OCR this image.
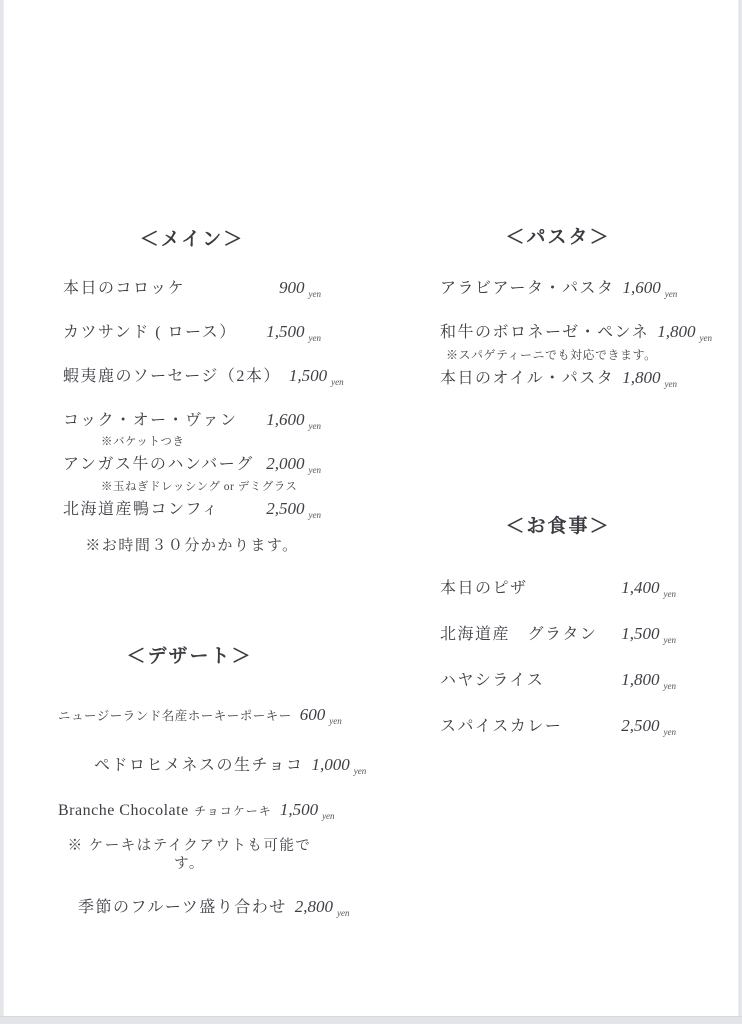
＜メイン＞
本日のコロッケ	900 yen
カツサンド ( ロース） 1,500 yen
蝦夷鹿のソーセージ（2本） 1,500 yen
コック・オー・ヴァン 1,600 yen
※バケットつき
アンガス牛のハンバーグ 2,000 yen
※玉ねぎドレッシング or デミグラス
北海道産鴨コンフィ	2,500 yen
※お時間３０分かかります。
＜パスタ＞
アラビアータ・パスタ 1,600 yen
和牛のボロネーゼ・ペンネ 1,800 yen
※スパゲティーニでも対応できます。
本日のオイル・パスタ 1,800 yen
＜お食事＞
本日のピザ	1,400 yen
北海道産　グラタン 1,500 yen
ハヤシライス	1,800 yen
スパイスカレー	2,500 yen
＜デザート＞
ニュージーランド名産ホーキーポーキー 600 yen
ペドロヒメネスの生チョコ 1,000 yen
Branche Chocolate チョコケーキ 1,500 yen
※ ケーキはテイクアウトも可能です。
季節のフルーツ盛り合わせ 2,800 yen
